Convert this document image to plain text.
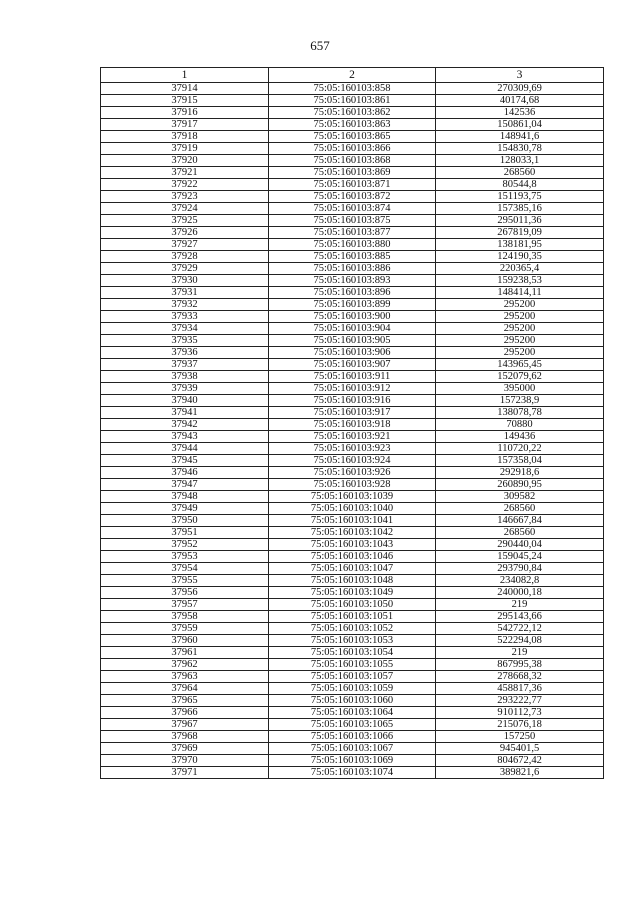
657
1	2	3
37914	75:05:160103:858	270309,69
37915	75:05:160103:861	40174,68
37916	75:05:160103:862	142536
37917	75:05:160103:863	150861,04
37918	75:05:160103:865	148941,6
37919	75:05:160103:866	154830,78
37920	75:05:160103:868	128033,1
37921	75:05:160103:869	268560
37922	75:05:160103:871	80544,8
37923	75:05:160103:872	151193,75
37924	75:05:160103:874	157385,16
37925	75:05:160103:875	295011,36
37926	75:05:160103:877	267819,09
37927	75:05:160103:880	138181,95
37928	75:05:160103:885	124190,35
37929	75:05:160103:886	220365,4
37930	75:05:160103:893	159238,53
37931	75:05:160103:896	148414,11
37932	75:05:160103:899	295200
37933	75:05:160103:900	295200
37934	75:05:160103:904	295200
37935	75:05:160103:905	295200
37936	75:05:160103:906	295200
37937	75:05:160103:907	143965,45
37938	75:05:160103:911	152079,62
37939	75:05:160103:912	395000
37940	75:05:160103:916	157238,9
37941	75:05:160103:917	138078,78
37942	75:05:160103:918	70880
37943	75:05:160103:921	149436
37944	75:05:160103:923	110720,22
37945	75:05:160103:924	157358,04
37946	75:05:160103:926	292918,6
37947	75:05:160103:928	260890,95
37948	75:05:160103:1039	309582
37949	75:05:160103:1040	268560
37950	75:05:160103:1041	146667,84
37951	75:05:160103:1042	268560
37952	75:05:160103:1043	290440,04
37953	75:05:160103:1046	159045,24
37954	75:05:160103:1047	293790,84
37955	75:05:160103:1048	234082,8
37956	75:05:160103:1049	240000,18
37957	75:05:160103:1050	219
37958	75:05:160103:1051	295143,66
37959	75:05:160103:1052	542722,12
37960	75:05:160103:1053	522294,08
37961	75:05:160103:1054	219
37962	75:05:160103:1055	867995,38
37963	75:05:160103:1057	278668,32
37964	75:05:160103:1059	458817,36
37965	75:05:160103:1060	293222,77
37966	75:05:160103:1064	910112,73
37967	75:05:160103:1065	215076,18
37968	75:05:160103:1066	157250
37969	75:05:160103:1067	945401,5
37970	75:05:160103:1069	804672,42
37971	75:05:160103:1074	389821,6
